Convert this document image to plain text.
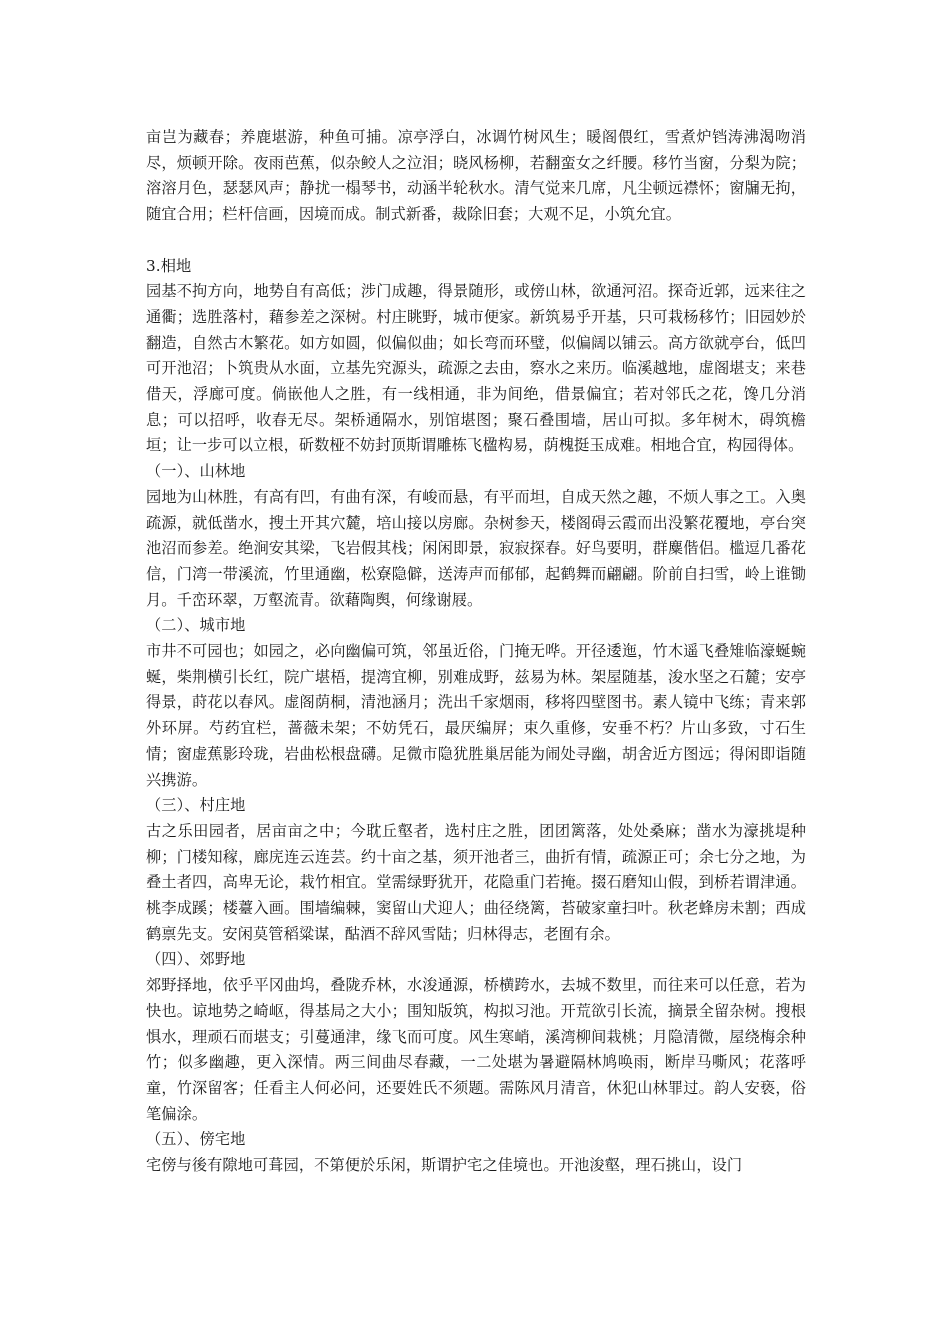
亩岂为藏春；养鹿堪游，种鱼可捕。凉亭浮白，冰调竹树风生；暖阁偎红，雪煮炉铛涛沸渴吻消尽，烦顿开除。夜雨芭蕉，似杂鲛人之泣泪；晓风杨柳，若翻蛮女之纤腰。移竹当窗，分梨为院；溶溶月色，瑟瑟风声；静扰一榻琴书，动涵半轮秋水。清气觉来几席，凡尘顿远襟怀；窗牖无拘，随宜合用；栏杆信画，因境而成。制式新番，裁除旧套；大观不足，小筑允宜。

3.相地

园基不拘方向，地势自有高低；涉门成趣，得景随形，或傍山林，欲通河沼。探奇近郭，远来往之通衢；选胜落村，藉参差之深树。村庄眺野，城市便家。新筑易乎开基，只可栽杨移竹；旧园妙於翻造，自然古木繁花。如方如圆，似偏似曲；如长弯而环璧，似偏阔以铺云。高方欲就亭台，低凹可开池沼；卜筑贵从水面，立基先究源头，疏源之去由，察水之来历。临溪越地，虚阁堪支；来巷借天，浮廊可度。倘嵌他人之胜，有一线相通，非为间绝，借景偏宜；若对邻氏之花，馋几分消息；可以招呼，收春无尽。架桥通隔水，别馆堪图；聚石叠围墙，居山可拟。多年树木，碍筑檐垣；让一步可以立根，斫数桠不妨封顶斯谓雕栋飞楹构易，荫槐挺玉成难。相地合宜，构园得体。

（一）、山林地

园地为山林胜，有高有凹，有曲有深，有峻而悬，有平而坦，自成天然之趣，不烦人事之工。入奥疏源，就低凿水，搜土开其穴麓，培山接以房廊。杂树参天，楼阁碍云霞而出没繁花覆地，亭台突池沼而参差。绝涧安其梁，飞岩假其栈；闲闲即景，寂寂探春。好鸟要明，群麋偕侣。槛逗几番花信，门湾一带溪流，竹里通幽，松寮隐僻，送涛声而郁郁，起鹤舞而翩翩。阶前自扫雪，岭上谁锄月。千峦环翠，万壑流青。欲藉陶舆，何缘谢屐。

（二）、城市地

市井不可园也；如园之，必向幽偏可筑，邻虽近俗，门掩无哗。开径逶迤，竹木遥飞叠雉临濠蜒蜿蜒，柴荆横引长红，院广堪梧，提湾宜柳，别难成野，兹易为林。架屋随基，浚水坚之石麓；安亭得景，莳花以春风。虚阁荫桐，清池涵月；洗出千家烟雨，移将四壁图书。素人镜中飞练；青来郭外环屏。芍药宜栏，蔷薇未架；不妨凭石，最厌编屏；束久重修，安垂不朽？片山多致，寸石生情；窗虚蕉影玲珑，岩曲松根盘礴。足微市隐犹胜巢居能为闹处寻幽，胡舍近方图远；得闲即诣随兴携游。

（三）、村庄地

古之乐田园者，居亩亩之中；今耽丘壑者，选村庄之胜，团团篱落，处处桑麻；凿水为濠挑堤种柳；门楼知稼，廊庑连云连芸。约十亩之基，须开池者三，曲折有情，疏源正可；余七分之地，为叠土者四，高卑无论，栽竹相宜。堂需绿野犹开，花隐重门若掩。掇石磨知山假，到桥若谓津通。桃李成蹊；楼薹入画。围墙编棘，窦留山犬迎人；曲径绕篱，苔破家童扫叶。秋老蜂房未割；西成鹤禀先支。安闲莫管稻粱谋，酤酒不辞风雪陆；归林得志，老囿有余。

（四）、郊野地

郊野择地，依乎平冈曲坞，叠陇乔林，水浚通源，桥横跨水，去城不数里，而往来可以任意，若为快也。谅地势之崎岖，得基局之大小；围知版筑，构拟习池。开荒欲引长流，摘景全留杂树。搜根惧水，理顽石而堪支；引蔓通津，缘飞而可度。风生寒峭，溪湾柳间栽桃；月隐清微，屋绕梅余种竹；似多幽趣，更入深情。两三间曲尽春藏，一二处堪为暑避隔林鸠唤雨，断岸马嘶风；花落呼童，竹深留客；任看主人何必问，还要姓氏不须题。需陈风月清音，休犯山林罪过。韵人安亵，俗笔偏涂。

（五）、傍宅地

宅傍与後有隙地可葺园，不第便於乐闲，斯谓护宅之佳境也。开池浚壑，理石挑山，设门
